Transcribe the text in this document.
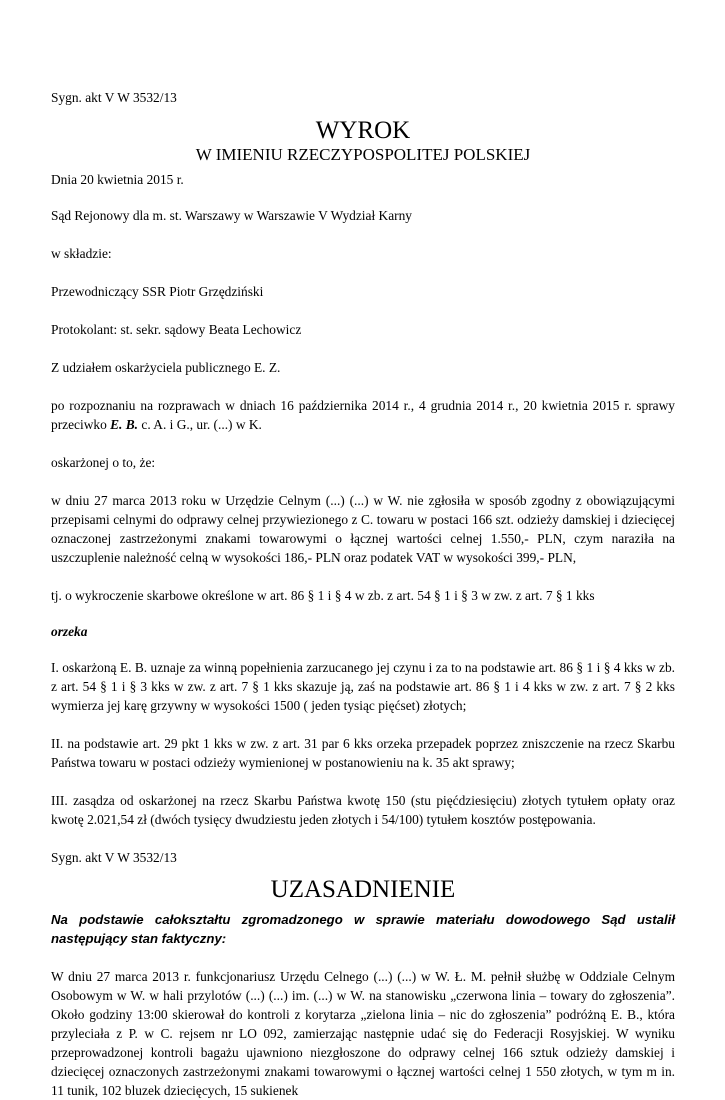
Sygn. akt V W 3532/13

WYROK

W IMIENIU RZECZYPOSPOLITEJ POLSKIEJ

Dnia 20 kwietnia 2015 r.

Sąd Rejonowy dla m. st. Warszawy w Warszawie V Wydział Karny

w składzie:

Przewodniczący SSR Piotr Grzędziński

Protokolant: st. sekr. sądowy Beata Lechowicz

Z udziałem oskarżyciela publicznego E. Z.

po rozpoznaniu na rozprawach w dniach 16 października 2014 r., 4 grudnia 2014 r., 20 kwietnia 2015 r. sprawy przeciwko E. B. c. A. i G., ur. (...) w K.

oskarżonej o to, że:

w dniu 27 marca 2013 roku w Urzędzie Celnym (...) (...) w W. nie zgłosiła w sposób zgodny z obowiązującymi przepisami celnymi do odprawy celnej przywiezionego z C. towaru w postaci 166 szt. odzieży damskiej i dziecięcej oznaczonej zastrzeżonymi znakami towarowymi o łącznej wartości celnej 1.550,- PLN, czym naraziła na uszczuplenie należność celną w wysokości 186,- PLN oraz podatek VAT w wysokości 399,- PLN,

tj. o wykroczenie skarbowe określone w art. 86 § 1 i § 4 w zb. z art. 54 § 1 i § 3 w zw. z art. 7 § 1 kks

orzeka

I. oskarżoną E. B. uznaje za winną popełnienia zarzucanego jej czynu i za to na podstawie art. 86 § 1 i § 4 kks w zb. z art. 54 § 1 i § 3 kks w zw. z art. 7 § 1 kks skazuje ją, zaś na podstawie art. 86 § 1 i 4 kks w zw. z art. 7 § 2 kks wymierza jej karę grzywny w wysokości 1500 ( jeden tysiąc pięćset) złotych;

II. na podstawie art. 29 pkt 1 kks w zw. z art. 31 par 6 kks orzeka przepadek poprzez zniszczenie na rzecz Skarbu Państwa towaru w postaci odzieży wymienionej w postanowieniu na k. 35 akt sprawy;

III. zasądza od oskarżonej na rzecz Skarbu Państwa kwotę 150 (stu pięćdziesięciu) złotych tytułem opłaty oraz kwotę 2.021,54 zł (dwóch tysięcy dwudziestu jeden złotych i 54/100) tytułem kosztów postępowania.

Sygn. akt V W 3532/13

UZASADNIENIE

Na podstawie całokształtu zgromadzonego w sprawie materiału dowodowego Sąd ustalił następujący stan faktyczny:

W dniu 27 marca 2013 r. funkcjonariusz Urzędu Celnego (...) (...) w W. Ł. M. pełnił służbę w Oddziale Celnym Osobowym w W. w hali przylotów (...) (...) im. (...) w W. na stanowisku „czerwona linia – towary do zgłoszenia”. Około godziny 13:00 skierował do kontroli z korytarza „zielona linia – nic do zgłoszenia” podróżną E. B., która przyleciała z P. w C. rejsem nr LO 092, zamierzając następnie udać się do Federacji Rosyjskiej. W wyniku przeprowadzonej kontroli bagażu ujawniono niezgłoszone do odprawy celnej 166 sztuk odzieży damskiej i dziecięcej oznaczonych zastrzeżonymi znakami towarowymi o łącznej wartości celnej 1 550 złotych, w tym m in. 11 tunik, 102 bluzek dziecięcych, 15 sukienek
